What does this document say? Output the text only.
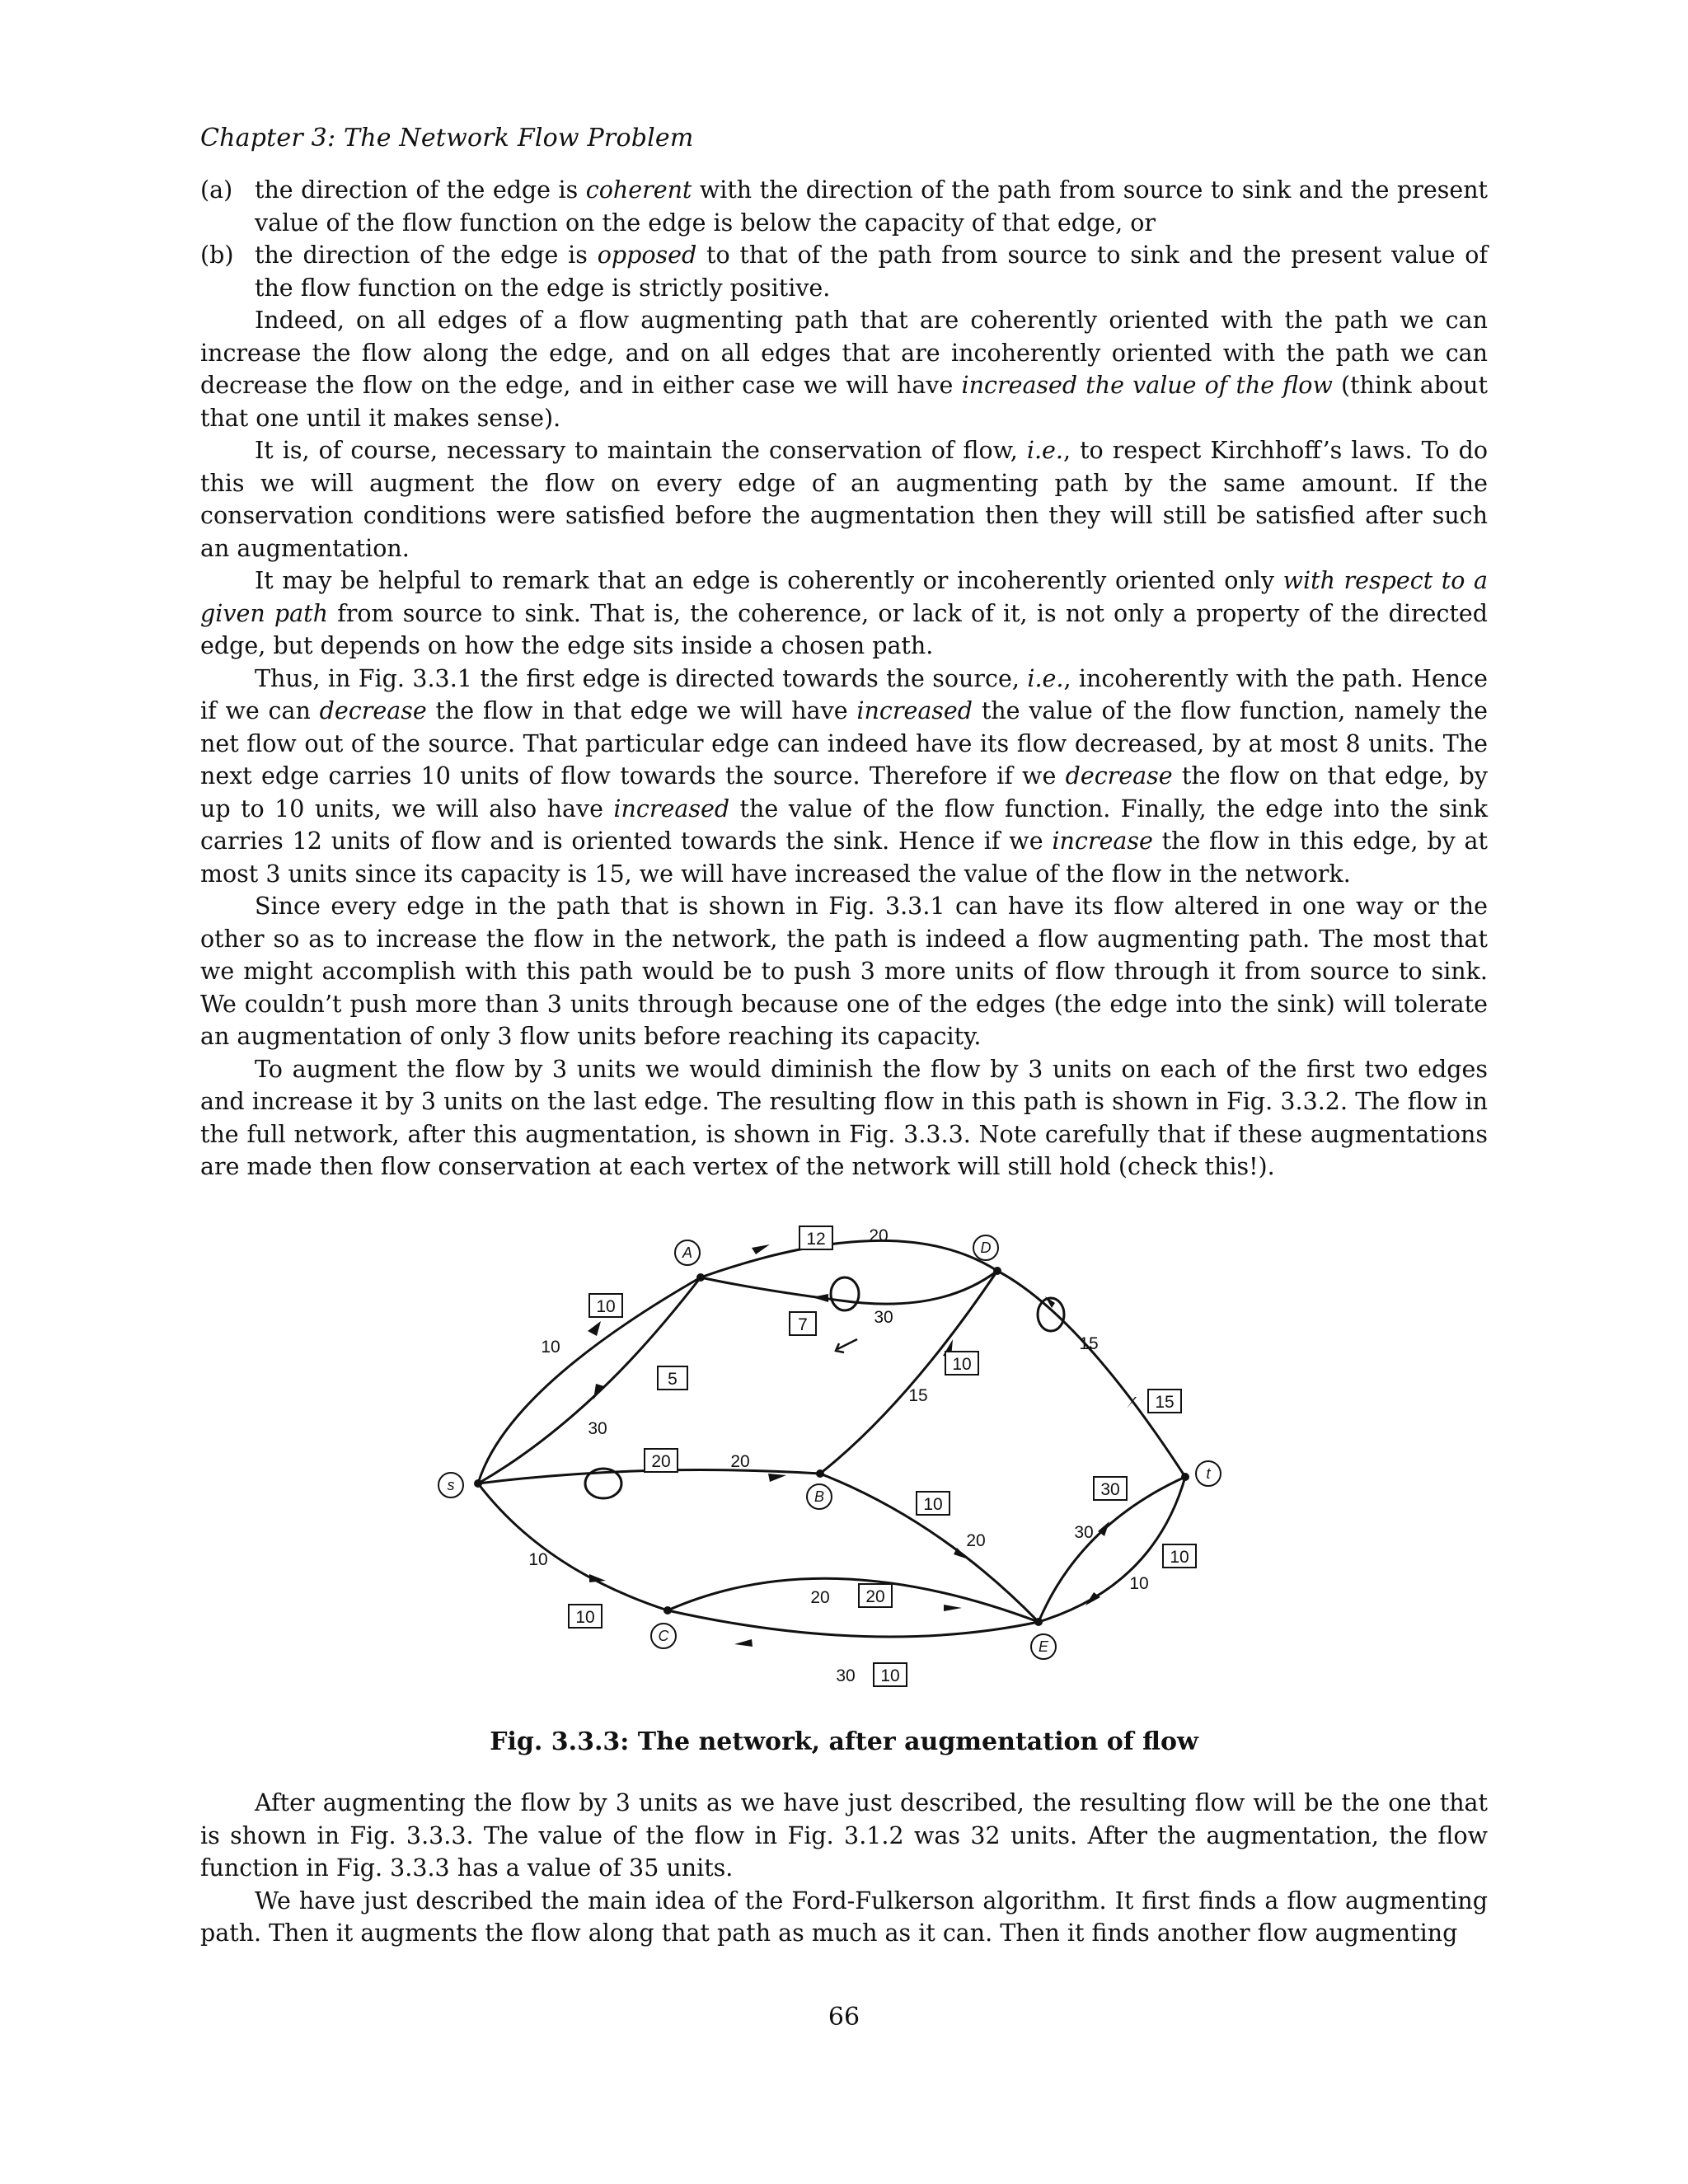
Chapter 3: The Network Flow Problem
(a) the direction of the edge is coherent with the direction of the path from source to sink and the present value of the flow function on the edge is below the capacity of that edge, or
(b) the direction of the edge is opposed to that of the path from source to sink and the present value of the flow function on the edge is strictly positive.

Indeed, on all edges of a flow augmenting path that are coherently oriented with the path we can increase the flow along the edge, and on all edges that are incoherently oriented with the path we can decrease the flow on the edge, and in either case we will have increased the value of the flow (think about that one until it makes sense).

It is, of course, necessary to maintain the conservation of flow, i.e., to respect Kirchhoff’s laws. To do this we will augment the flow on every edge of an augmenting path by the same amount. If the conservation conditions were satisfied before the augmentation then they will still be satisfied after such an augmentation.

It may be helpful to remark that an edge is coherently or incoherently oriented only with respect to a given path from source to sink. That is, the coherence, or lack of it, is not only a property of the directed edge, but depends on how the edge sits inside a chosen path.

Thus, in Fig. 3.3.1 the first edge is directed towards the source, i.e., incoherently with the path. Hence if we can decrease the flow in that edge we will have increased the value of the flow function, namely the net flow out of the source. That particular edge can indeed have its flow decreased, by at most 8 units. The next edge carries 10 units of flow towards the source. Therefore if we decrease the flow on that edge, by up to 10 units, we will also have increased the value of the flow function. Finally, the edge into the sink carries 12 units of flow and is oriented towards the sink. Hence if we increase the flow in this edge, by at most 3 units since its capacity is 15, we will have increased the value of the flow in the network.

Since every edge in the path that is shown in Fig. 3.3.1 can have its flow altered in one way or the other so as to increase the flow in the network, the path is indeed a flow augmenting path. The most that we might accomplish with this path would be to push 3 more units of flow through it from source to sink. We couldn’t push more than 3 units through because one of the edges (the edge into the sink) will tolerate an augmentation of only 3 flow units before reaching its capacity.

To augment the flow by 3 units we would diminish the flow by 3 units on each of the first two edges and increase it by 3 units on the last edge. The resulting flow in this path is shown in Fig. 3.3.2. The flow in the full network, after this augmentation, is shown in Fig. 3.3.3. Note carefully that if these augmentations are made then flow conservation at each vertex of the network will still hold (check this!).

s
A	D
B
C
E
t
10
5
12
7
20
10
15
10
10
20
10
30
10
10
30
20
30
20
15
15
20
10
20
30
30
10
Fig. 3.3.3: The network, after augmentation of flow

After augmenting the flow by 3 units as we have just described, the resulting flow will be the one that is shown in Fig. 3.3.3. The value of the flow in Fig. 3.1.2 was 32 units. After the augmentation, the flow function in Fig. 3.3.3 has a value of 35 units.

We have just described the main idea of the Ford-Fulkerson algorithm. It first finds a flow augmenting path. Then it augments the flow along that path as much as it can. Then it finds another flow augmenting

66
